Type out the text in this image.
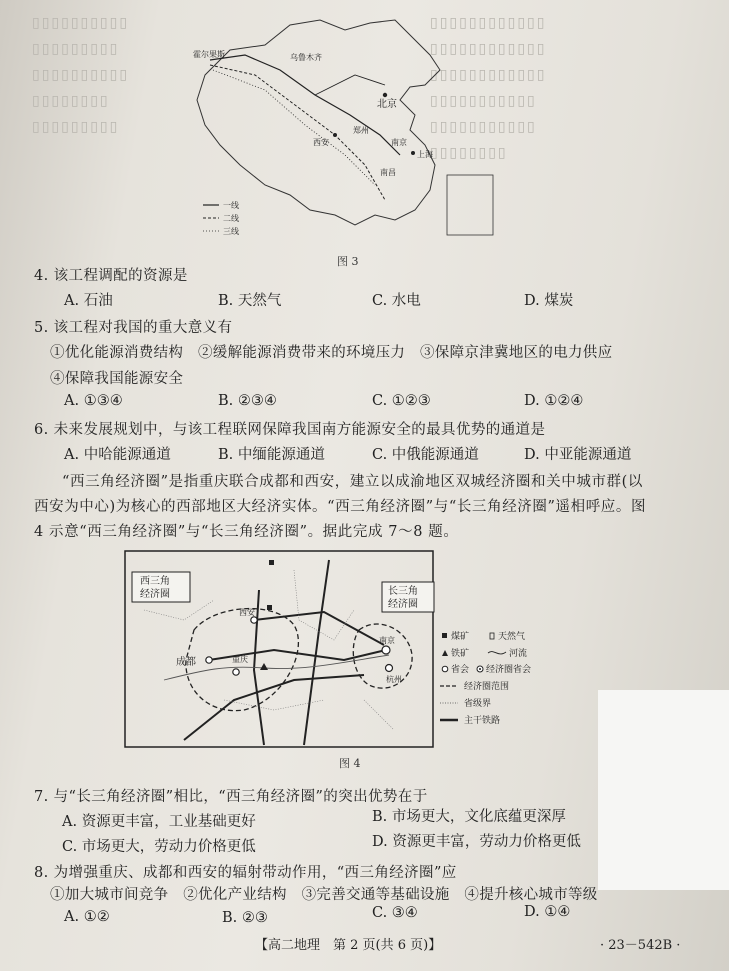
▯▯▯▯▯▯▯▯▯▯
▯▯▯▯▯▯▯▯▯
▯▯▯▯▯▯▯▯▯▯
▯▯▯▯▯▯▯▯
▯▯▯▯▯▯▯▯▯
▯▯▯▯▯▯▯▯▯▯▯▯
▯▯▯▯▯▯▯▯▯▯▯▯
▯▯▯▯▯▯▯▯▯▯▯▯
▯▯▯▯▯▯▯▯▯▯▯
▯▯▯▯▯▯▯▯▯▯▯
▯▯▯▯▯▯▯▯
霍尔果斯	乌鲁木齐
北京
西安
郑州
南京
上海
南昌
一线
二线
三线
图 3
4. 该工程调配的资源是
A. 石油	B. 天然气	C. 水电	D. 煤炭
5. 该工程对我国的重大意义有
①优化能源消费结构　②缓解能源消费带来的环境压力　③保障京津冀地区的电力供应
④保障我国能源安全
A. ①③④	B. ②③④	C. ①②③	D. ①②④
6. 未来发展规划中，与该工程联网保障我国南方能源安全的最具优势的通道是
A. 中哈能源通道	B. 中缅能源通道	C. 中俄能源通道	D. 中亚能源通道
“西三角经济圈”是指重庆联合成都和西安，建立以成渝地区双城经济圈和关中城市群(以
西安为中心)为核心的西部地区大经济实体。“西三角经济圈”与“长三角经济圈”遥相呼应。图
4 示意“西三角经济圈”与“长三角经济圈”。据此完成 7～8 题。
西安
成都	重庆
南京
杭州
西三角
经济圈	长三角
经济圈
煤矿	天然气
铁矿	河流
省会 经济圈省会
经济圈范围
省级界
主干铁路
图 4
7. 与“长三角经济圈”相比，“西三角经济圈”的突出优势在于
A. 资源更丰富，工业基础更好	B. 市场更大，文化底蕴更深厚
C. 市场更大，劳动力价格更低	D. 资源更丰富，劳动力价格更低
8. 为增强重庆、成都和西安的辐射带动作用，“西三角经济圈”应
①加大城市间竞争　②优化产业结构　③完善交通等基础设施　④提升核心城市等级
A. ①②	B. ②③	C. ③④	D. ①④
【高二地理　第 2 页(共 6 页)】	· 23－542B ·
